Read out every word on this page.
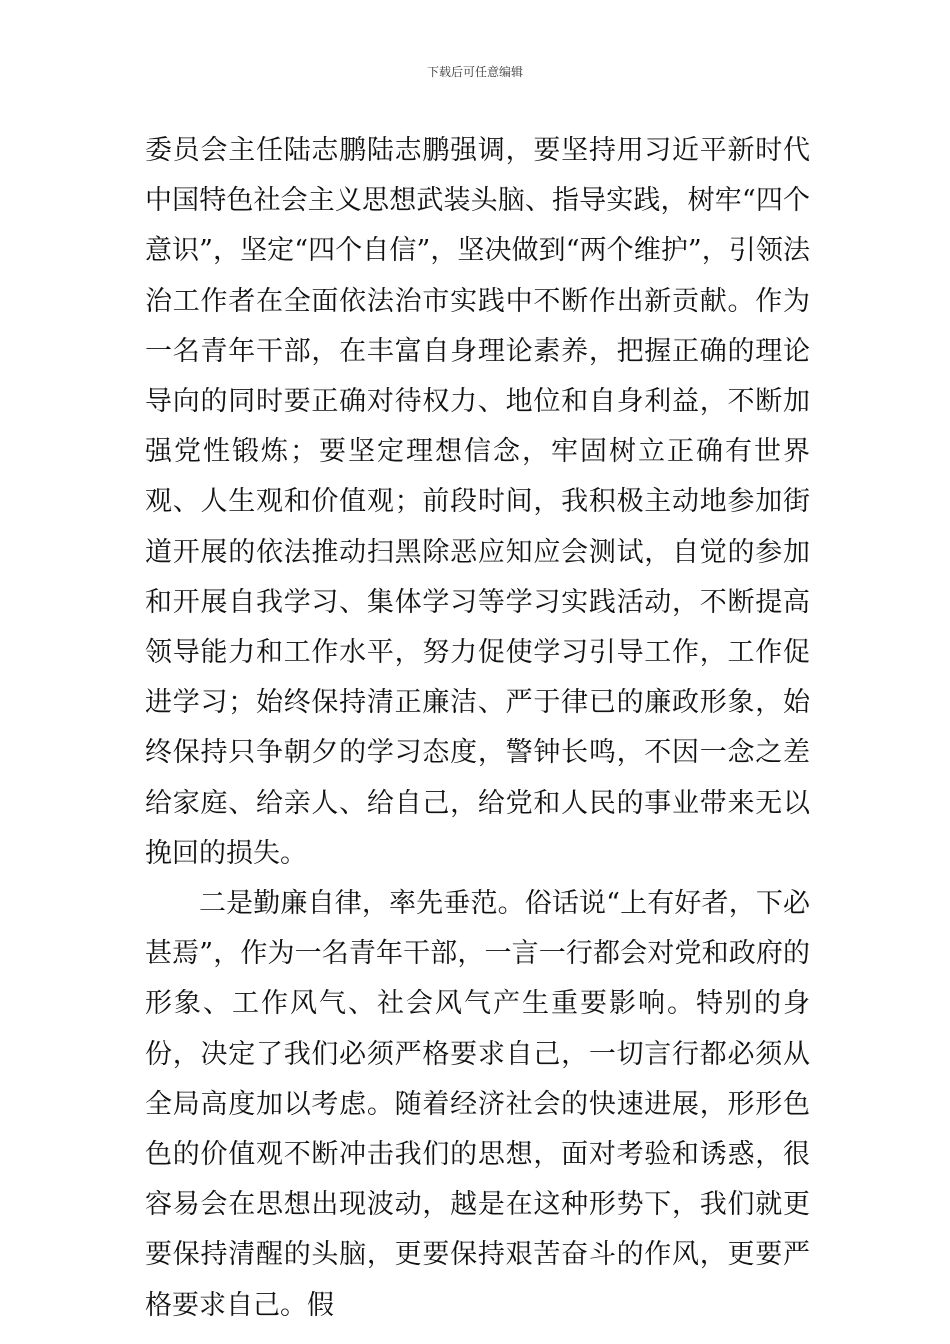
下载后可任意编辑

委员会主任陆志鹏陆志鹏强调，要坚持用习近平新时代中国特色社会主义思想武装头脑、指导实践，树牢“四个意识”，坚定“四个自信”，坚决做到“两个维护”，引领法治工作者在全面依法治市实践中不断作出新贡献。作为一名青年干部，在丰富自身理论素养，把握正确的理论导向的同时要正确对待权力、地位和自身利益，不断加强党性锻炼；要坚定理想信念，牢固树立正确有世界观、人生观和价值观；前段时间，我积极主动地参加街道开展的依法推动扫黑除恶应知应会测试，自觉的参加和开展自我学习、集体学习等学习实践活动，不断提高领导能力和工作水平，努力促使学习引导工作，工作促进学习；始终保持清正廉洁、严于律已的廉政形象，始终保持只争朝夕的学习态度，警钟长鸣，不因一念之差给家庭、给亲人、给自己，给党和人民的事业带来无以挽回的损失。

二是勤廉自律，率先垂范。俗话说“上有好者，下必甚焉”，作为一名青年干部，一言一行都会对党和政府的形象、工作风气、社会风气产生重要影响。特别的身份，决定了我们必须严格要求自己，一切言行都必须从全局高度加以考虑。随着经济社会的快速进展，形形色色的价值观不断冲击我们的思想，面对考验和诱惑，很容易会在思想出现波动，越是在这种形势下，我们就更要保持清醒的头脑，更要保持艰苦奋斗的作风，更要严格要求自己。假
